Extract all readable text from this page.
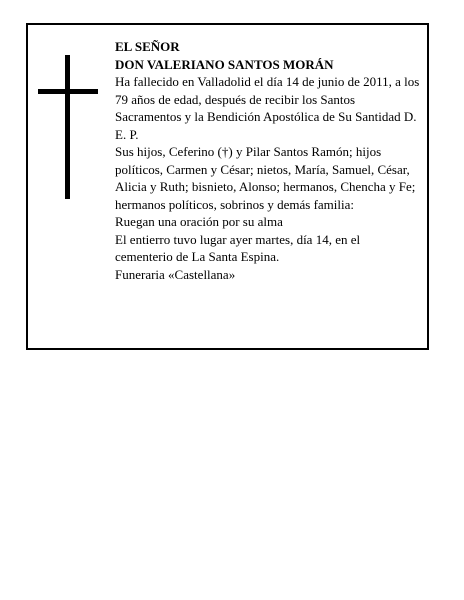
EL SEÑOR

DON VALERIANO SANTOS MORÁN

Ha fallecido en Valladolid el día 14 de junio de 2011, a los 79 años de edad, después de recibir los Santos Sacramentos y la Bendición Apostólica de Su Santidad D. E. P.

Sus hijos, Ceferino (†) y Pilar Santos Ramón; hijos políticos, Carmen y César; nietos, María, Samuel, César, Alicia y Ruth; bisnieto, Alonso; hermanos, Chencha y Fe; hermanos políticos, sobrinos y demás familia:

Ruegan una oración por su alma

El entierro tuvo lugar ayer martes, día 14, en el cementerio de La Santa Espina.

Funeraria «Castellana»
